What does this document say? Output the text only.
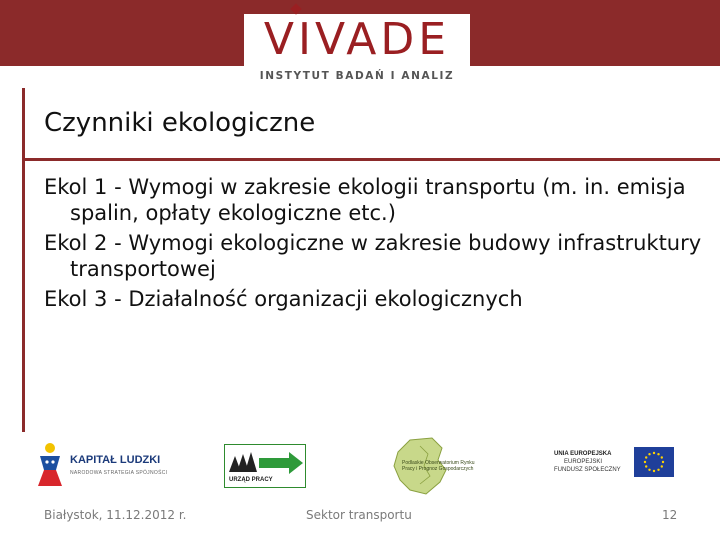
VIVADE
INSTYTUT BADAŃ I ANALIZ
Czynniki ekologiczne

Ekol 1 - Wymogi w zakresie ekologii transportu (m. in. emisja spalin, opłaty ekologiczne etc.)

Ekol 2 - Wymogi ekologiczne w zakresie budowy infrastruktury transportowej

Ekol 3 - Działalność organizacji ekologicznych

KAPITAŁ LUDZKI
NARODOWA STRATEGIA SPÓJNOŚCI
URZĄD PRACY
Podlaskie Obserwatorium Rynku Pracy i Prognoz Gospodarczych
UNIA EUROPEJSKA
EUROPEJSKI
FUNDUSZ SPOŁECZNY
Białystok, 11.12.2012 r.	Sektor transportu	12
